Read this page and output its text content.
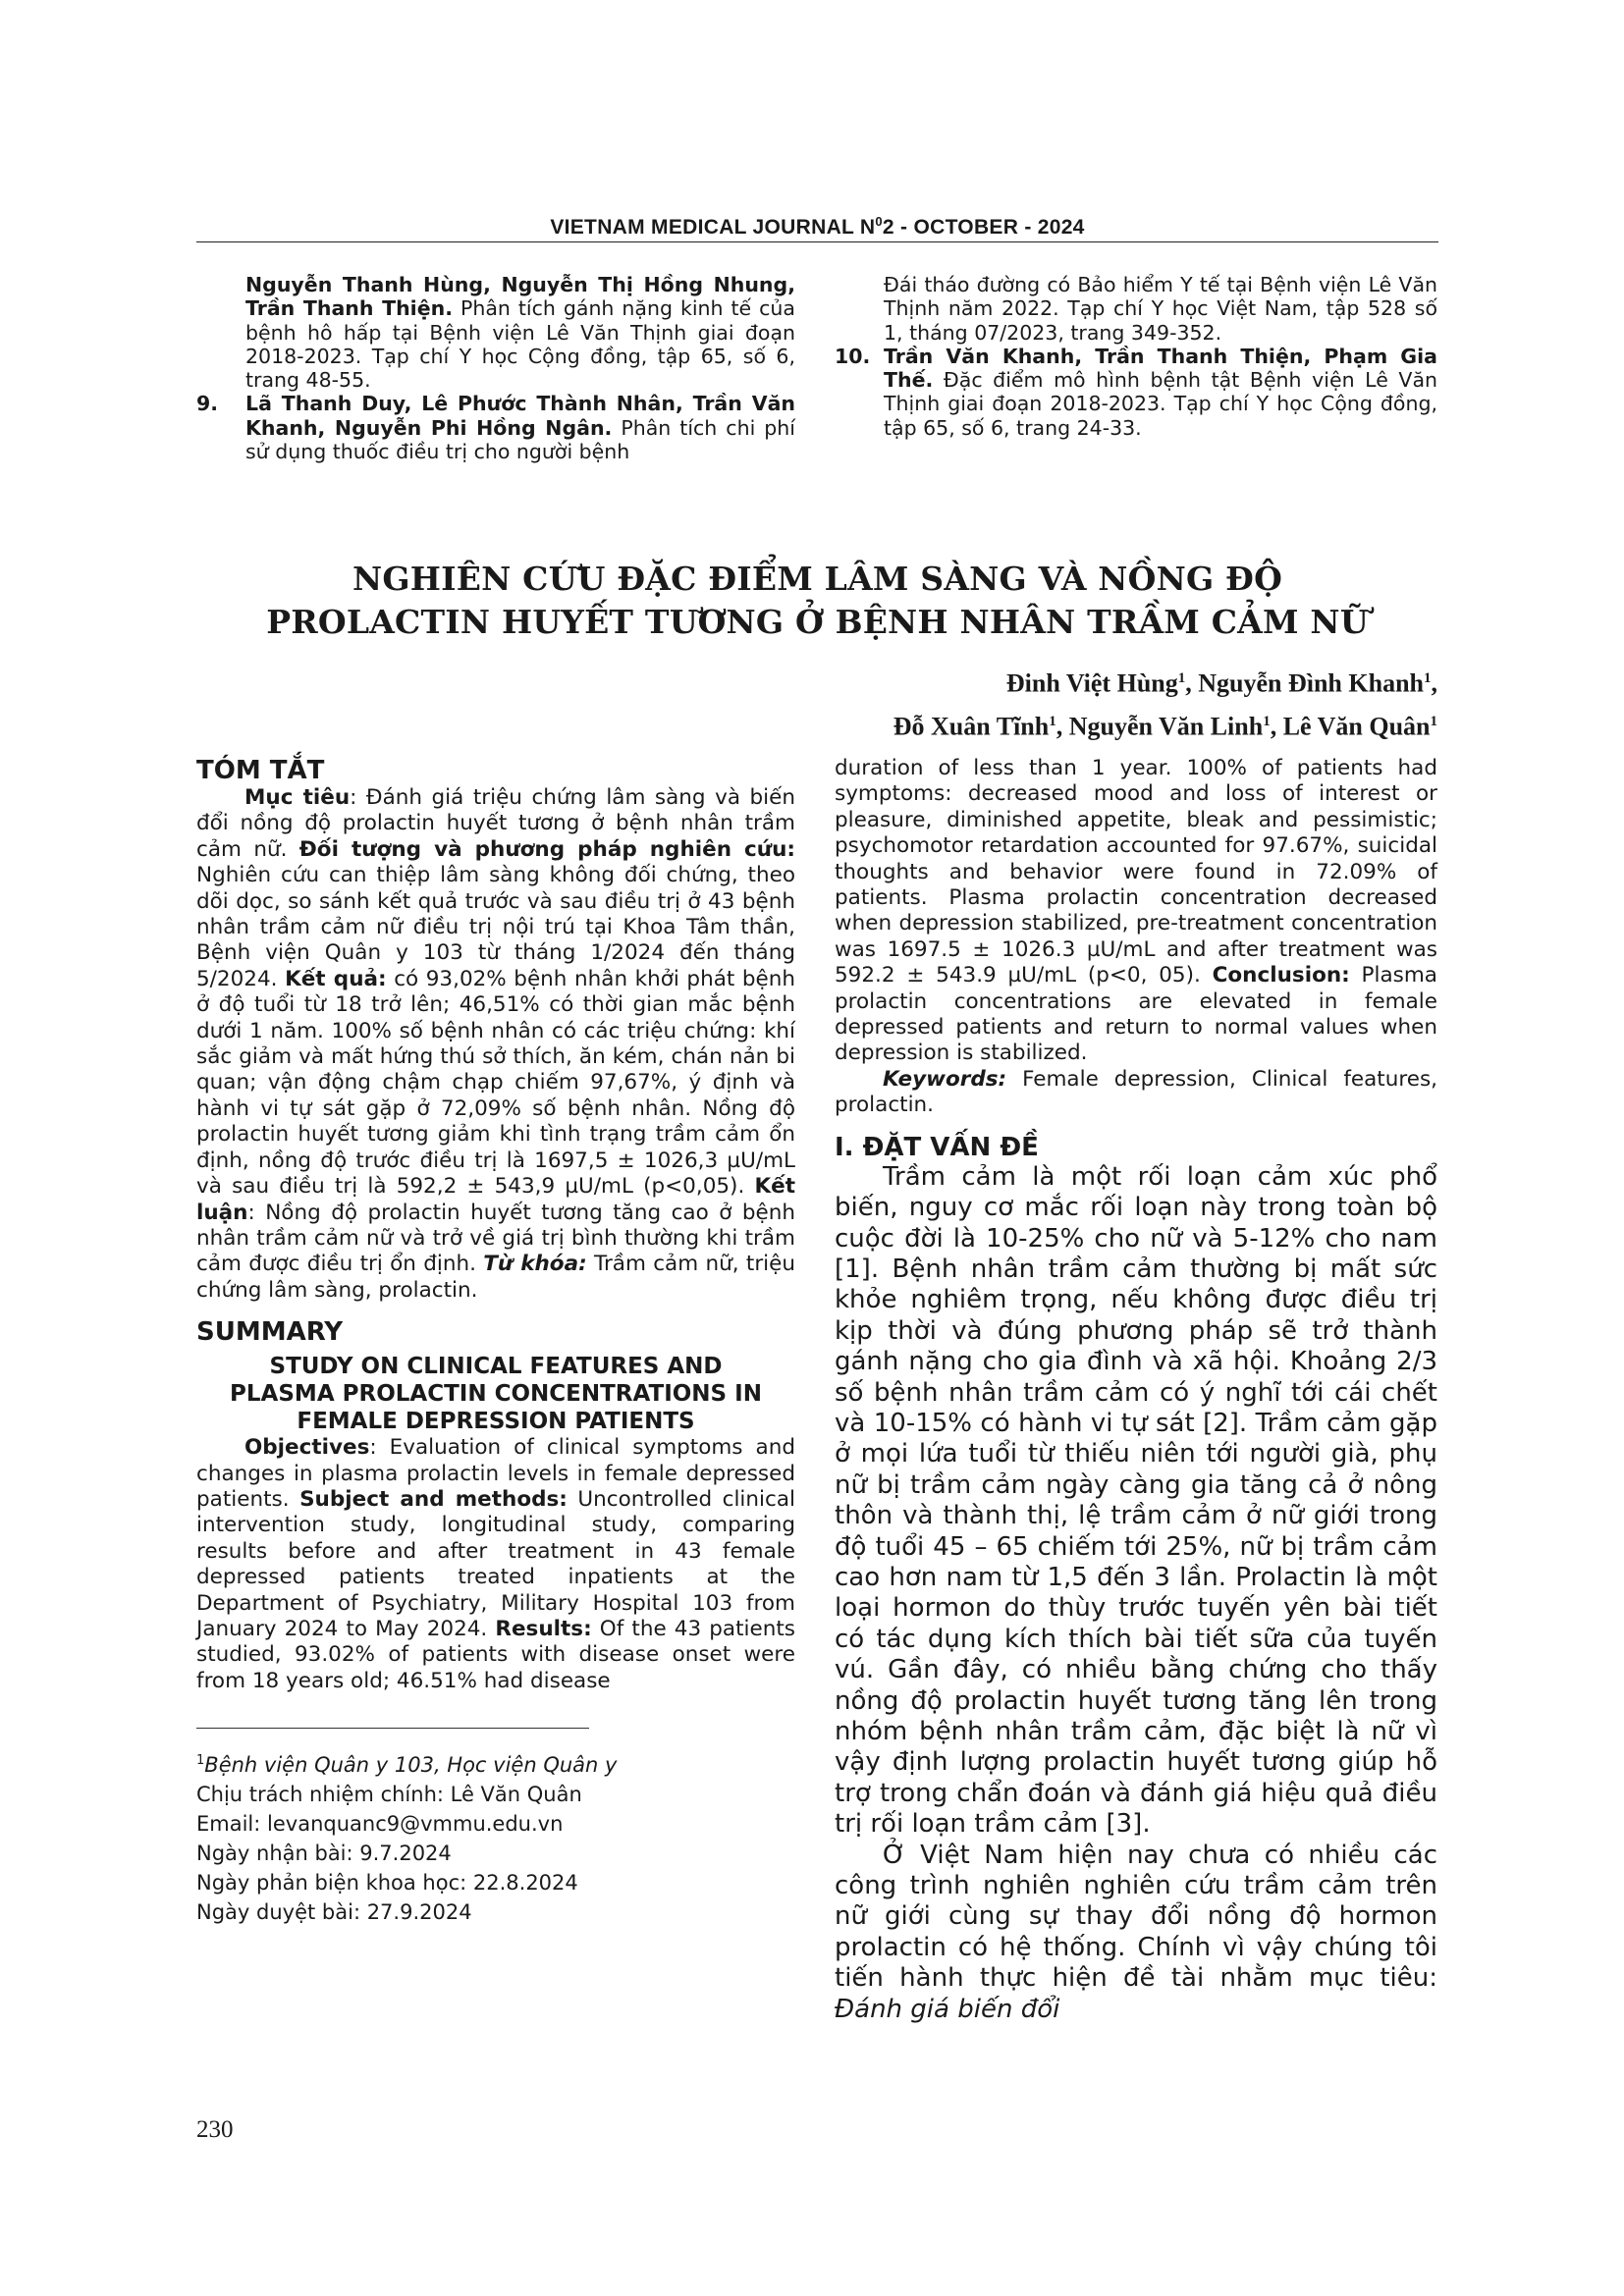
VIETNAM MEDICAL JOURNAL $N^02$ - OCTOBER - 2024
Nguyễn Thanh Hùng, Nguyễn Thị Hồng Nhung, Trần Thanh Thiện. Phân tích gánh nặng kinh tế của bệnh hô hấp tại Bệnh viện Lê Văn Thịnh giai đoạn 2018-2023. Tạp chí Y học Cộng đồng, tập 65, số 6, trang 48-55.
9. Lã Thanh Duy, Lê Phước Thành Nhân, Trần Văn Khanh, Nguyễn Phi Hồng Ngân. Phân tích chi phí sử dụng thuốc điều trị cho người bệnh
Đái tháo đường có Bảo hiểm Y tế tại Bệnh viện Lê Văn Thịnh năm 2022. Tạp chí Y học Việt Nam, tập 528 số 1, tháng 07/2023, trang 349-352.
10. Trần Văn Khanh, Trần Thanh Thiện, Phạm Gia Thế. Đặc điểm mô hình bệnh tật Bệnh viện Lê Văn Thịnh giai đoạn 2018-2023. Tạp chí Y học Cộng đồng, tập 65, số 6, trang 24-33.
NGHIÊN CỨU ĐẶC ĐIỂM LÂM SÀNG VÀ NỒNG ĐỘ
PROLACTIN HUYẾT TƯƠNG Ở BỆNH NHÂN TRẦM CẢM NỮ
Đinh Việt Hùng$^1$, Nguyễn Đình Khanh$^1$,
Đỗ Xuân Tĩnh$^1$, Nguyễn Văn Linh$^1$, Lê Văn Quân$^1$
TÓM TẮT

Mục tiêu: Đánh giá triệu chứng lâm sàng và biến đổi nồng độ prolactin huyết tương ở bệnh nhân trầm cảm nữ. Đối tượng và phương pháp nghiên cứu: Nghiên cứu can thiệp lâm sàng không đối chứng, theo dõi dọc, so sánh kết quả trước và sau điều trị ở 43 bệnh nhân trầm cảm nữ điều trị nội trú tại Khoa Tâm thần, Bệnh viện Quân y 103 từ tháng 1/2024 đến tháng 5/2024. Kết quả: có 93,02% bệnh nhân khởi phát bệnh ở độ tuổi từ 18 trở lên; 46,51% có thời gian mắc bệnh dưới 1 năm. 100% số bệnh nhân có các triệu chứng: khí sắc giảm và mất hứng thú sở thích, ăn kém, chán nản bi quan; vận động chậm chạp chiếm 97,67%, ý định và hành vi tự sát gặp ở 72,09% số bệnh nhân. Nồng độ prolactin huyết tương giảm khi tình trạng trầm cảm ổn định, nồng độ trước điều trị là 1697,5 ± 1026,3 µU/mL và sau điều trị là 592,2 ± 543,9 µU/mL (p<0,05). Kết luận: Nồng độ prolactin huyết tương tăng cao ở bệnh nhân trầm cảm nữ và trở về giá trị bình thường khi trầm cảm được điều trị ổn định. Từ khóa: Trầm cảm nữ, triệu chứng lâm sàng, prolactin.

SUMMARY
STUDY ON CLINICAL FEATURES AND
PLASMA PROLACTIN CONCENTRATIONS IN
FEMALE DEPRESSION PATIENTS

Objectives: Evaluation of clinical symptoms and changes in plasma prolactin levels in female depressed patients. Subject and methods: Uncontrolled clinical intervention study, longitudinal study, comparing results before and after treatment in 43 female depressed patients treated inpatients at the Department of Psychiatry, Military Hospital 103 from January 2024 to May 2024. Results: Of the 43 patients studied, 93.02% of patients with disease onset were from 18 years old; 46.51% had disease

$^1$Bệnh viện Quân y 103, Học viện Quân y
Chịu trách nhiệm chính: Lê Văn Quân
Email: levanquanc9@vmmu.edu.vn
Ngày nhận bài: 9.7.2024
Ngày phản biện khoa học: 22.8.2024
Ngày duyệt bài: 27.9.2024

duration of less than 1 year. 100% of patients had symptoms: decreased mood and loss of interest or pleasure, diminished appetite, bleak and pessimistic; psychomotor retardation accounted for 97.67%, suicidal thoughts and behavior were found in 72.09% of patients. Plasma prolactin concentration decreased when depression stabilized, pre-treatment concentration was 1697.5 ± 1026.3 µU/mL and after treatment was 592.2 ± 543.9 µU/mL (p<0, 05). Conclusion: Plasma prolactin concentrations are elevated in female depressed patients and return to normal values when depression is stabilized.

Keywords: Female depression, Clinical features, prolactin.

I. ĐẶT VẤN ĐỀ

Trầm cảm là một rối loạn cảm xúc phổ biến, nguy cơ mắc rối loạn này trong toàn bộ cuộc đời là 10-25% cho nữ và 5-12% cho nam [1]. Bệnh nhân trầm cảm thường bị mất sức khỏe nghiêm trọng, nếu không được điều trị kịp thời và đúng phương pháp sẽ trở thành gánh nặng cho gia đình và xã hội. Khoảng 2/3 số bệnh nhân trầm cảm có ý nghĩ tới cái chết và 10-15% có hành vi tự sát [2]. Trầm cảm gặp ở mọi lứa tuổi từ thiếu niên tới người già, phụ nữ bị trầm cảm ngày càng gia tăng cả ở nông thôn và thành thị, lệ trầm cảm ở nữ giới trong độ tuổi 45 – 65 chiếm tới 25%, nữ bị trầm cảm cao hơn nam từ 1,5 đến 3 lần. Prolactin là một loại hormon do thùy trước tuyến yên bài tiết có tác dụng kích thích bài tiết sữa của tuyến vú. Gần đây, có nhiều bằng chứng cho thấy nồng độ prolactin huyết tương tăng lên trong nhóm bệnh nhân trầm cảm, đặc biệt là nữ vì vậy định lượng prolactin huyết tương giúp hỗ trợ trong chẩn đoán và đánh giá hiệu quả điều trị rối loạn trầm cảm [3].

Ở Việt Nam hiện nay chưa có nhiều các công trình nghiên nghiên cứu trầm cảm trên nữ giới cùng sự thay đổi nồng độ hormon prolactin có hệ thống. Chính vì vậy chúng tôi tiến hành thực hiện đề tài nhằm mục tiêu: Đánh giá biến đổi

230
